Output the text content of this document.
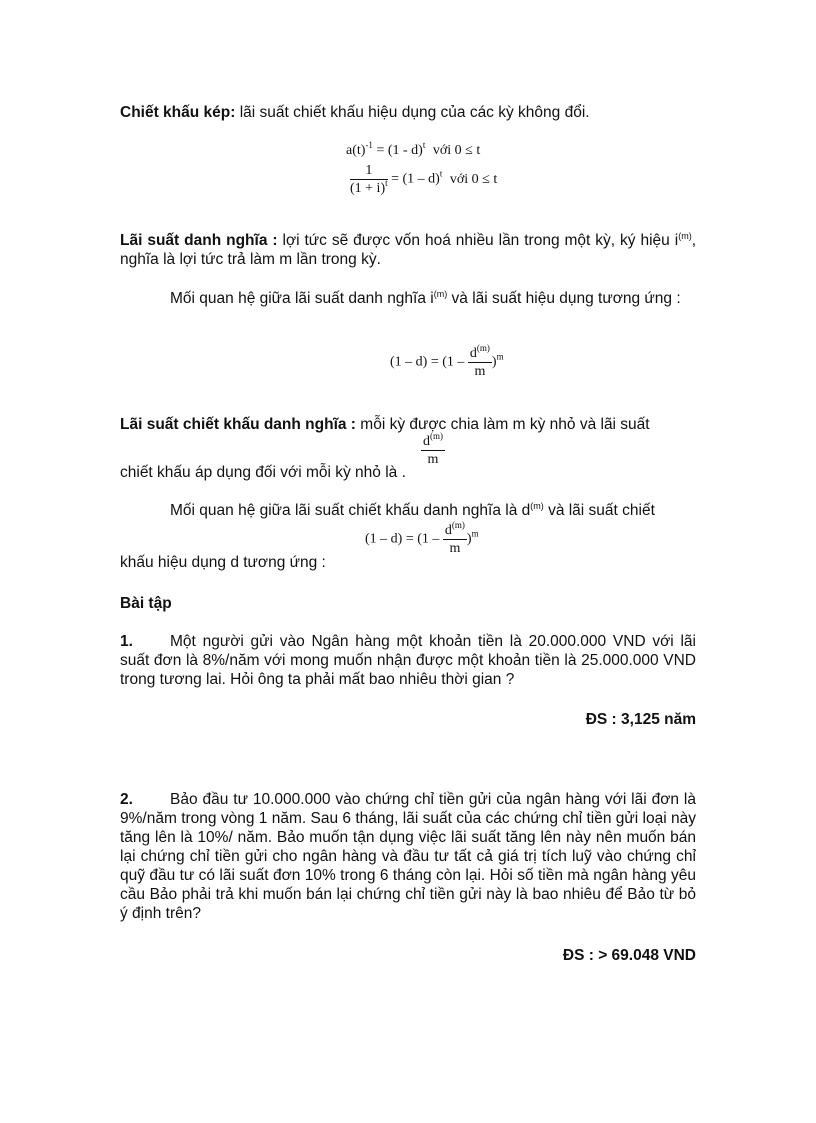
Chiết khấu kép: lãi suất chiết khấu hiệu dụng của các kỳ không đổi.
$a(t)^{-1} = (1 - d)^t$ với 0 ≤ t
$\frac{1}{(1 + i)^t} = (1 - d)^t$ với 0 ≤ t
Lãi suất danh nghĩa : lợi tức sẽ được vốn hoá nhiều lần trong một kỳ, ký hiệu $i^{(m)}$, nghĩa là lợi tức trả làm m lần trong kỳ.
Mối quan hệ giữa lãi suất danh nghĩa $i^{(m)}$ và lãi suất hiệu dụng tương ứng :
$(1 - d) = (1 - \frac{d^{(m)}}{m} )^m$
Lãi suất chiết khấu danh nghĩa : mỗi kỳ được chia làm m kỳ nhỏ và lãi suất
chiết khấu áp dụng đối với mỗi kỳ nhỏ là .
$\frac{d^{(m)}}{m}$
Mối quan hệ giữa lãi suất chiết khấu danh nghĩa là $d^{(m)}$ và lãi suất chiết
khấu hiệu dụng d tương ứng :
$(1 - d) = (1 - \frac{d^{(m)}}{m} )^m$
Bài tập
1. Một người gửi vào Ngân hàng một khoản tiền là 20.000.000 VND với lãi suất đơn là 8%/năm với mong muốn nhận được một khoản tiền là 25.000.000 VND trong tương lai. Hỏi ông ta phải mất bao nhiêu thời gian ?
ĐS : 3,125 năm
2. Bảo đầu tư 10.000.000 vào chứng chỉ tiền gửi của ngân hàng với lãi đơn là 9%/năm trong vòng 1 năm. Sau 6 tháng, lãi suất của các chứng chỉ tiền gửi loại này tăng lên là 10%/ năm. Bảo muốn tận dụng việc lãi suất tăng lên này nên muốn bán lại chứng chỉ tiền gửi cho ngân hàng và đầu tư tất cả giá trị tích luỹ vào chứng chỉ quỹ đầu tư có lãi suất đơn 10% trong 6 tháng còn lại. Hỏi số tiền mà ngân hàng yêu cầu Bảo phải trả khi muốn bán lại chứng chỉ tiền gửi này là bao nhiêu để Bảo từ bỏ ý định trên?
ĐS : > 69.048 VND
